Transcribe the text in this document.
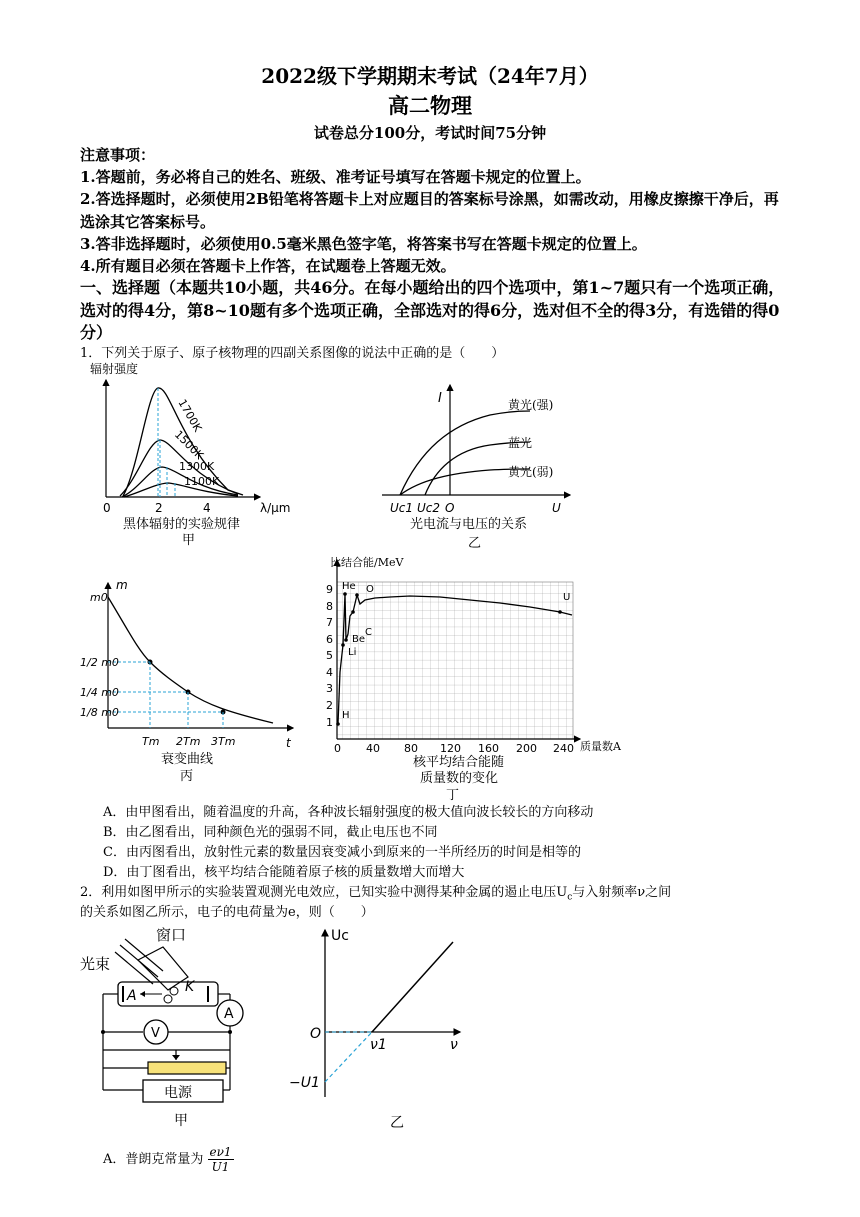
2022级下学期期末考试（24年7月）
高二物理
试卷总分100分，考试时间75分钟
注意事项：
1.答题前，务必将自己的姓名、班级、准考证号填写在答题卡规定的位置上。
2.答选择题时，必须使用2B铅笔将答题卡上对应题目的答案标号涂黑，如需改动，用橡皮擦擦干净后，再选涂其它答案标号。
3.答非选择题时，必须使用0.5毫米黑色签字笔，将答案书写在答题卡规定的位置上。
4.所有题目必须在答题卡上作答，在试题卷上答题无效。
一、选择题（本题共10小题，共46分。在每小题给出的四个选项中，第1~7题只有一个选项正确，选对的得4分，第8~10题有多个选项正确，全部选对的得6分，选对但不全的得3分，有选错的得0分）
1．下列关于原子、原子核物理的四副关系图像的说法中正确的是（　　）
辐射强度
1700K
1500K
1300K
1100K
0	2	4	λ/μm
黑体辐射的实验规律
甲
I	黄光(强)
蓝光
黄光(弱)
Uc1 Uc2 O	U
光电流与电压的关系
乙
m
m0
1/2 m0
1/4 m0
1/8 m0
Tm 2Tm 3Tm	t
衰变曲线
丙
比结合能/MeV
He O
C
Be
Li
H
U
1
2
3
4
5
6
7
8
9
0 40 80 120 160 200 240 质量数A
核平均结合能随
质量数的变化
丁
A．由甲图看出，随着温度的升高，各种波长辐射强度的极大值向波长较长的方向移动
B．由乙图看出，同种颜色光的强弱不同，截止电压也不同
C．由丙图看出，放射性元素的数量因衰变减小到原来的一半所经历的时间是相等的
D．由丁图看出，核平均结合能随着原子核的质量数增大而增大
2．利用如图甲所示的实验装置观测光电效应，已知实验中测得某种金属的遏止电压$U_c$与入射频率ν之间
的关系如图乙所示，电子的电荷量为e，则（　　）
窗口
光束
A
K
A
V
电源
甲
Uc
O
ν1	ν
−U1
乙
A．普朗克常量为 $\frac{e\nu 1}{U1}$
